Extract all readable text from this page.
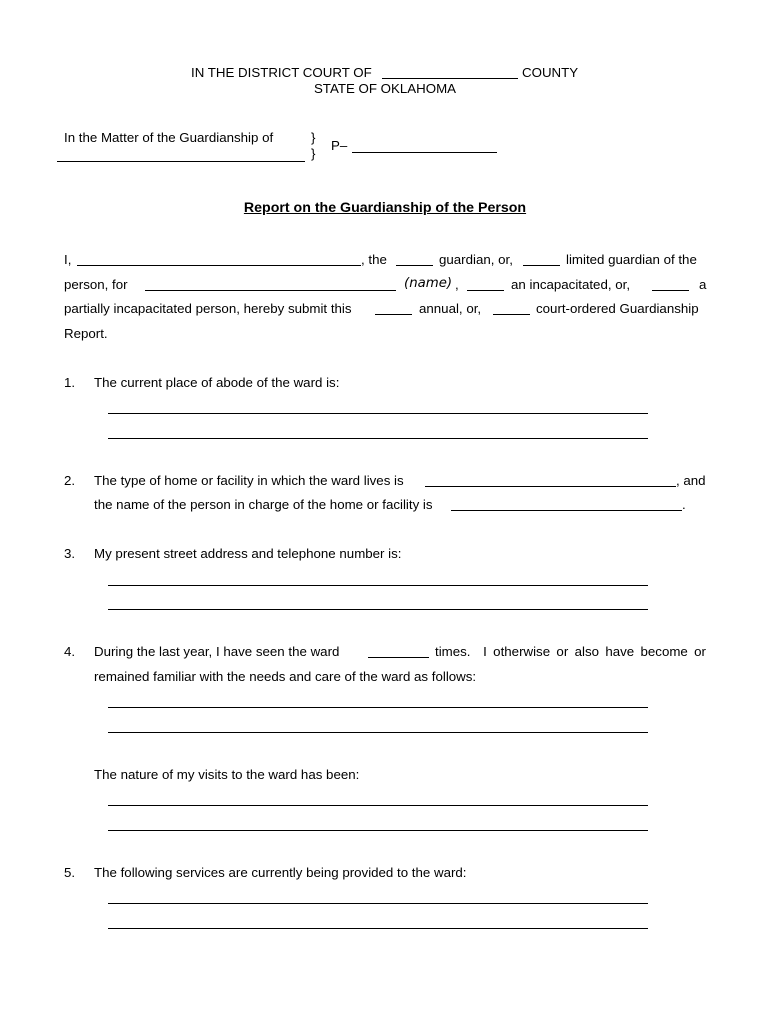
IN THE DISTRICT COURT OF	COUNTY
STATE OF OKLAHOMA
In the Matter of the Guardianship of	}
}
P–
Report on the Guardianship of the Person
I,	, the	guardian, or,	limited guardian of the
person, for	(name) ,	an incapacitated, or,	a
partially incapacitated person, hereby submit this	annual, or,	court-ordered Guardianship
Report.
1. The current place of abode of the ward is:
2. The type of home or facility in which the ward lives is	, and
the name of the person in charge of the home or facility is	.
3. My present street address and telephone number is:
4. During the last year, I have seen the ward	times.  I otherwise or also have become or
remained familiar with the needs and care of the ward as follows:
The nature of my visits to the ward has been:
5. The following services are currently being provided to the ward:
